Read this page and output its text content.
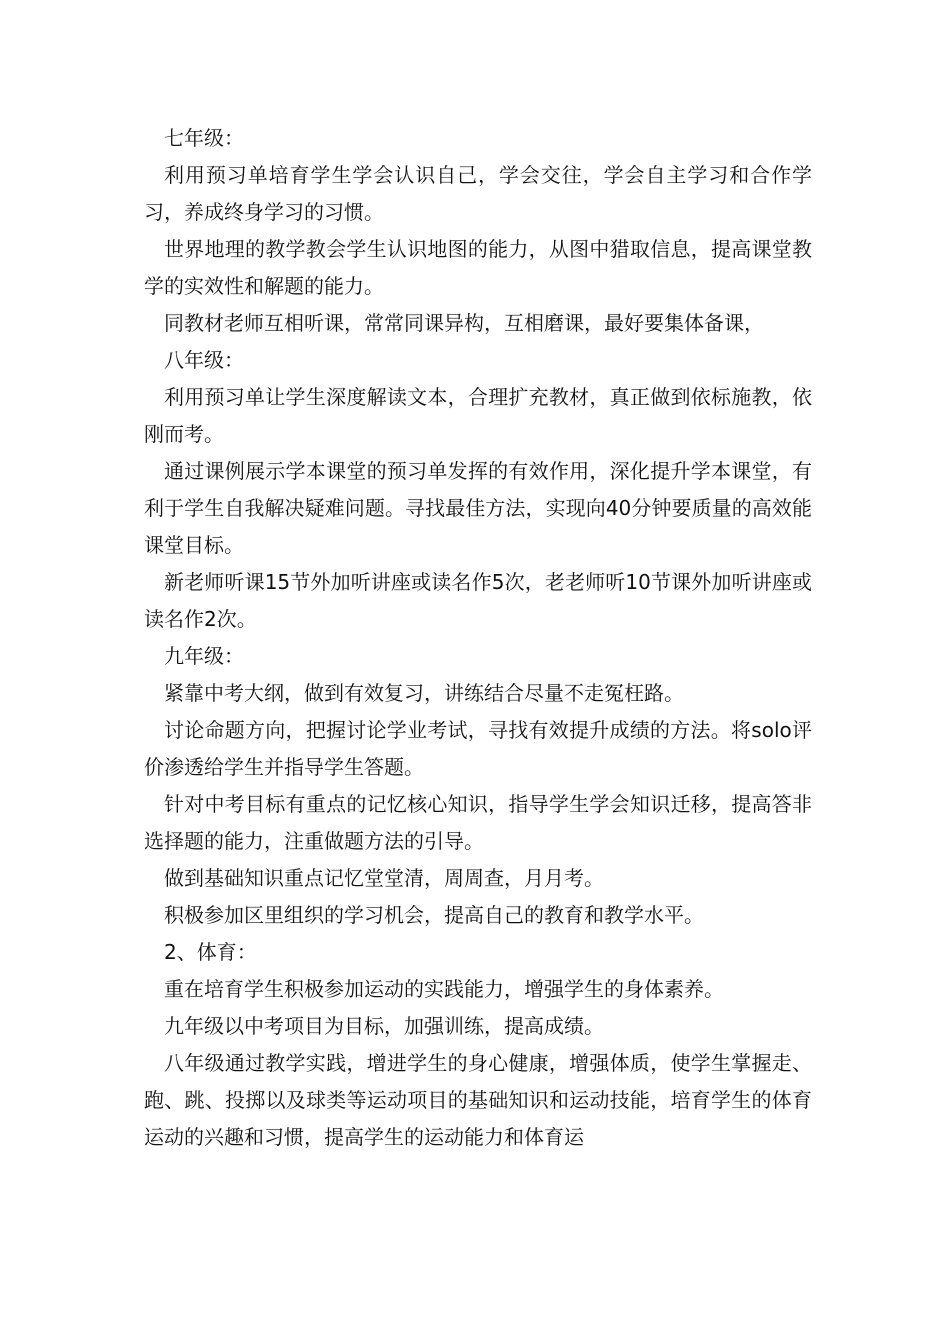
七年级：

利用预习单培育学生学会认识自己，学会交往，学会自主学习和合作学习，养成终身学习的习惯。

世界地理的教学教会学生认识地图的能力，从图中猎取信息，提高课堂教学的实效性和解题的能力。

同教材老师互相听课，常常同课异构，互相磨课，最好要集体备课，

八年级：

利用预习单让学生深度解读文本，合理扩充教材，真正做到依标施教，依刚而考。

通过课例展示学本课堂的预习单发挥的有效作用，深化提升学本课堂，有利于学生自我解决疑难问题。寻找最佳方法，实现向40分钟要质量的高效能课堂目标。

新老师听课15节外加听讲座或读名作5次，老老师听10节课外加听讲座或读名作2次。

九年级：

紧靠中考大纲，做到有效复习，讲练结合尽量不走冤枉路。

讨论命题方向，把握讨论学业考试，寻找有效提升成绩的方法。将solo评价渗透给学生并指导学生答题。

针对中考目标有重点的记忆核心知识，指导学生学会知识迁移，提高答非选择题的能力，注重做题方法的引导。

做到基础知识重点记忆堂堂清，周周查，月月考。

积极参加区里组织的学习机会，提高自己的教育和教学水平。

2、体育：

重在培育学生积极参加运动的实践能力，增强学生的身体素养。

九年级以中考项目为目标，加强训练，提高成绩。

八年级通过教学实践，增进学生的身心健康，增强体质，使学生掌握走、跑、跳、投掷以及球类等运动项目的基础知识和运动技能，培育学生的体育运动的兴趣和习惯，提高学生的运动能力和体育运
